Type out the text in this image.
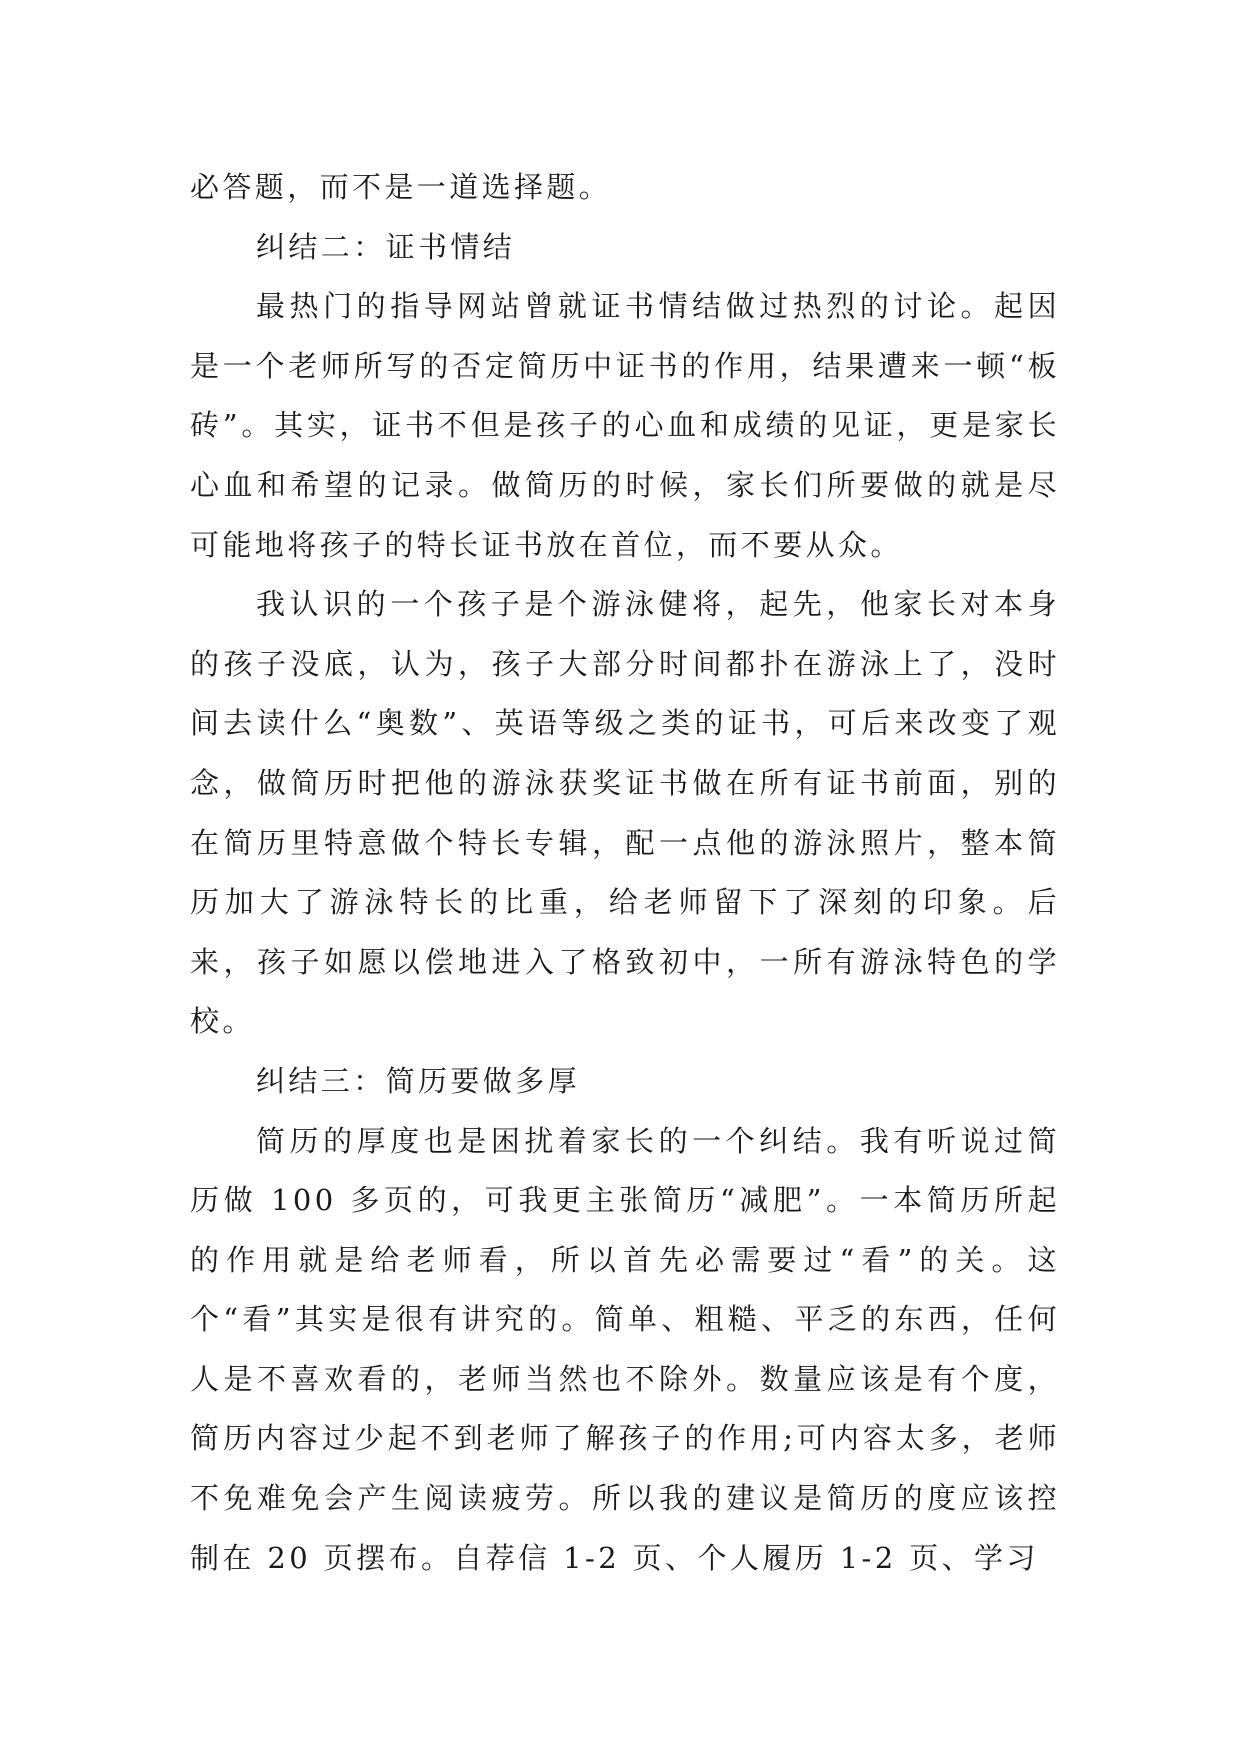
必答题，而不是一道选择题。

纠结二：证书情结

最热门的指导网站曾就证书情结做过热烈的讨论。起因是一个老师所写的否定简历中证书的作用，结果遭来一顿“板砖”。其实，证书不但是孩子的心血和成绩的见证，更是家长心血和希望的记录。做简历的时候，家长们所要做的就是尽可能地将孩子的特长证书放在首位，而不要从众。

我认识的一个孩子是个游泳健将，起先，他家长对本身的孩子没底，认为，孩子大部分时间都扑在游泳上了，没时间去读什么“奥数”、英语等级之类的证书，可后来改变了观念，做简历时把他的游泳获奖证书做在所有证书前面，别的在简历里特意做个特长专辑，配一点他的游泳照片，整本简历加大了游泳特长的比重，给老师留下了深刻的印象。后来，孩子如愿以偿地进入了格致初中，一所有游泳特色的学校。

纠结三：简历要做多厚

简历的厚度也是困扰着家长的一个纠结。我有听说过简历做 100 多页的，可我更主张简历“减肥”。一本简历所起的作用就是给老师看，所以首先必需要过“看”的关。这个“看”其实是很有讲究的。简单、粗糙、平乏的东西，任何人是不喜欢看的，老师当然也不除外。数量应该是有个度，简历内容过少起不到老师了解孩子的作用;可内容太多，老师不免难免会产生阅读疲劳。所以我的建议是简历的度应该控制在 20 页摆布。自荐信 1-2 页、个人履历 1-2 页、学习
